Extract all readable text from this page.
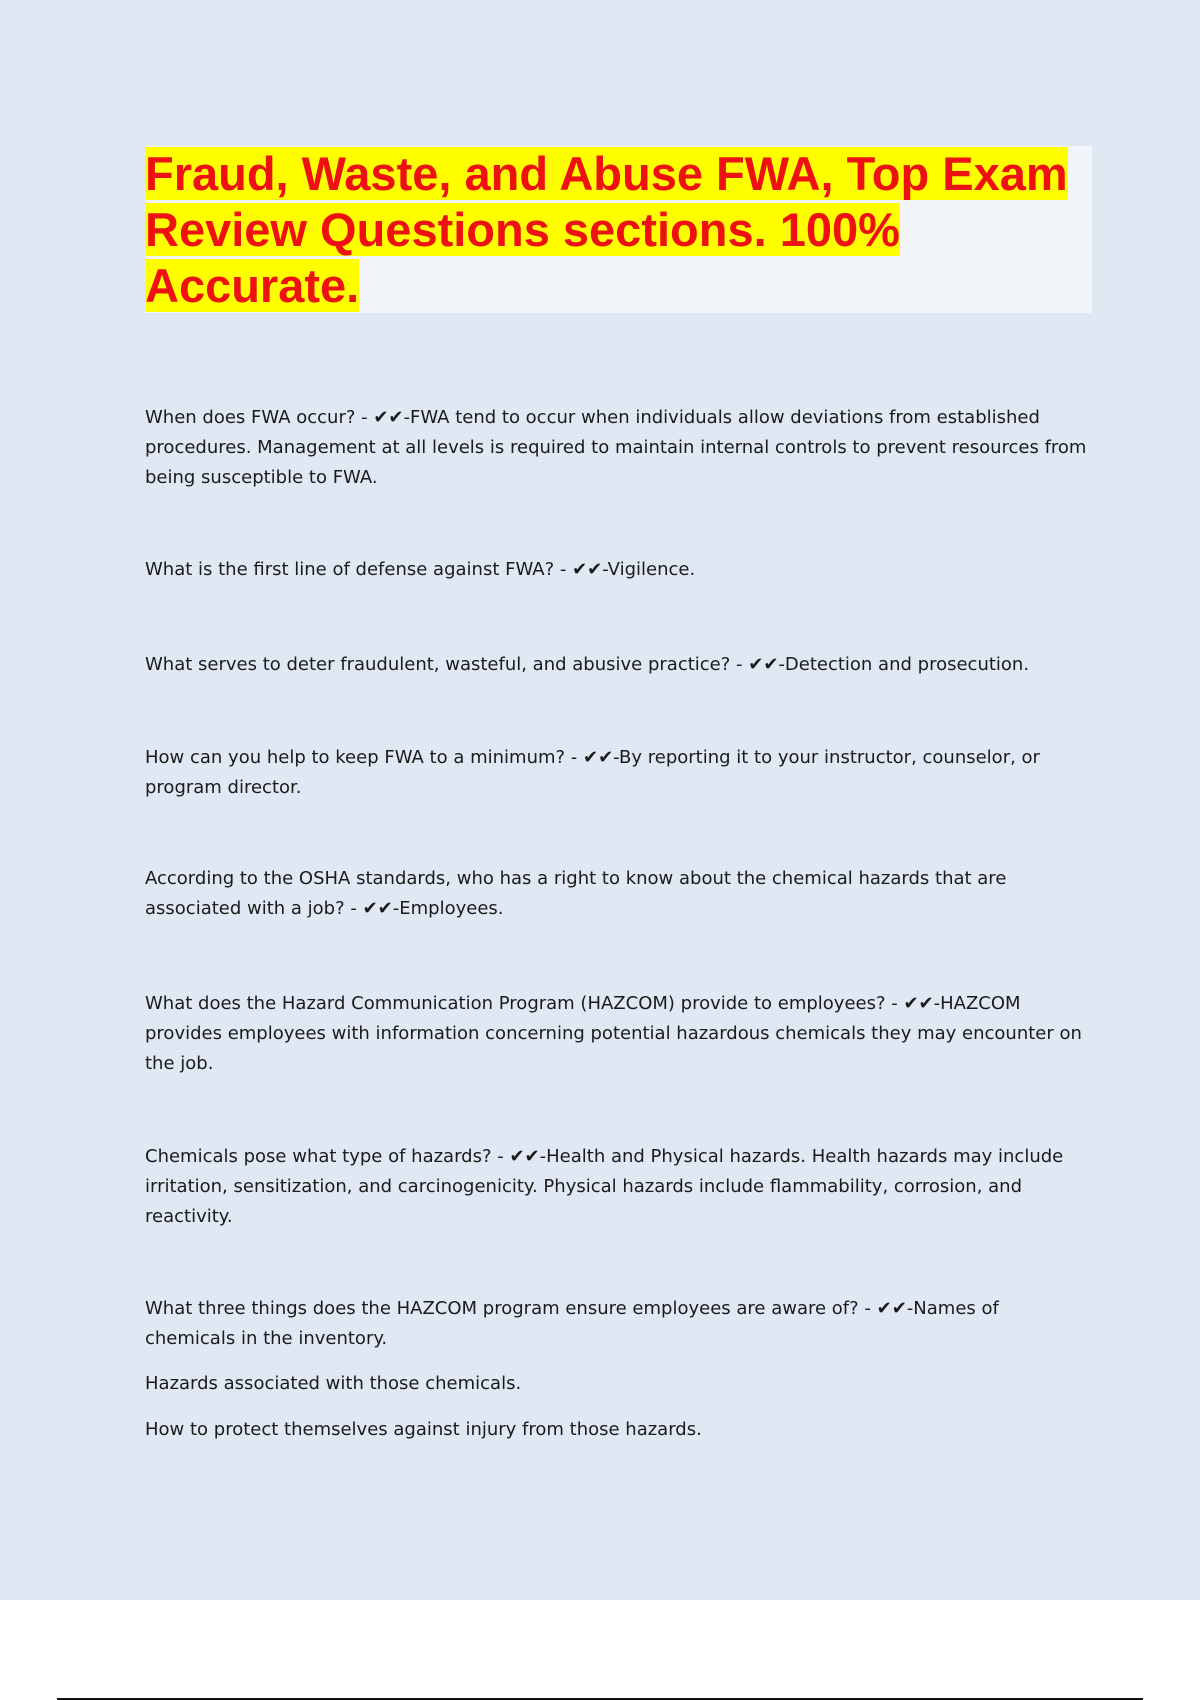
Fraud, Waste, and Abuse FWA, Top Exam Review Questions sections. 100% Accurate.

When does FWA occur? - ✔✔-FWA tend to occur when individuals allow deviations from established procedures. Management at all levels is required to maintain internal controls to prevent resources from being susceptible to FWA.

What is the first line of defense against FWA? - ✔✔-Vigilence.

What serves to deter fraudulent, wasteful, and abusive practice? - ✔✔-Detection and prosecution.

How can you help to keep FWA to a minimum? - ✔✔-By reporting it to your instructor, counselor, or program director.

According to the OSHA standards, who has a right to know about the chemical hazards that are associated with a job? - ✔✔-Employees.

What does the Hazard Communication Program (HAZCOM) provide to employees? - ✔✔-HAZCOM provides employees with information concerning potential hazardous chemicals they may encounter on the job.

Chemicals pose what type of hazards? - ✔✔-Health and Physical hazards. Health hazards may include irritation, sensitization, and carcinogenicity. Physical hazards include flammability, corrosion, and reactivity.

What three things does the HAZCOM program ensure employees are aware of? - ✔✔-Names of chemicals in the inventory.

Hazards associated with those chemicals.

How to protect themselves against injury from those hazards.
